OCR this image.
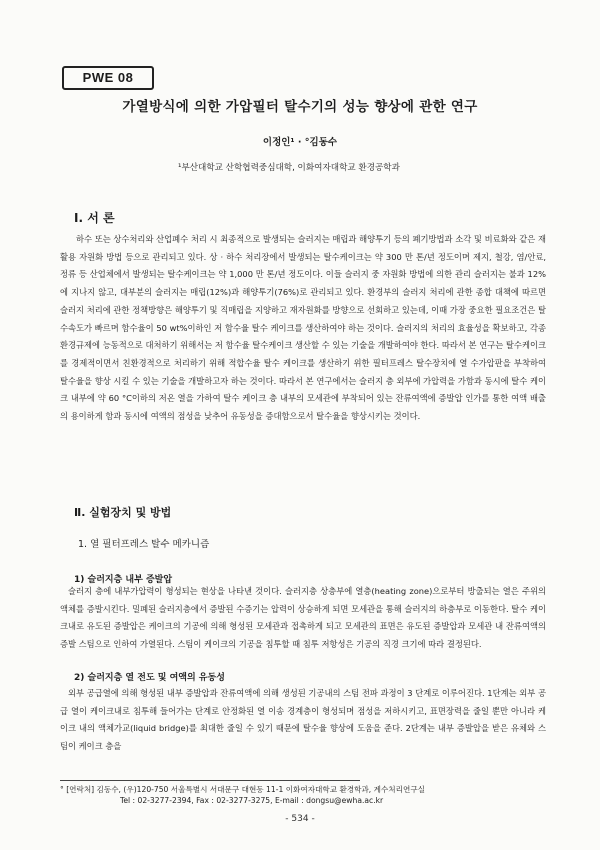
PWE 08
가열방식에 의한 가압필터 탈수기의 성능 향상에 관한 연구
이정인¹ · °김동수
¹부산대학교 산학협력중심대학, 이화여자대학교 환경공학과
Ⅰ. 서 론

하수 또는 상수처리와 산업폐수 처리 시 최종적으로 발생되는 슬러지는 매립과 해양투기 등의 폐기방법과 소각 및 비료화와 같은 재활용 자원화 방법 등으로 관리되고 있다. 상 · 하수 처리장에서 발생되는 탈수케이크는 약 300 만 톤/년 정도이며 제지, 철강, 염/안료, 정류 등 산업체에서 발생되는 탈수케이크는 약 1,000 만 톤/년 정도이다. 이들 슬러지 중 자원화 방법에 의한 관리 슬러지는 불과 12%에 지나지 않고, 대부분의 슬러지는 매립(12%)과 해양투기(76%)로 관리되고 있다. 환경부의 슬러지 처리에 관한 종합 대책에 따르면 슬러지 처리에 관한 정책방향은 해양투기 및 직매립을 지양하고 재자원화를 방향으로 선회하고 있는데, 이때 가장 중요한 필요조건은 탈수속도가 빠르며 함수율이 50 wt%이하인 저 함수율 탈수 케이크를 생산하여야 하는 것이다. 슬러지의 처리의 효율성을 확보하고, 각종 환경규제에 능동적으로 대처하기 위해서는 저 함수율 탈수케이크 생산할 수 있는 기술을 개발하여야 한다. 따라서 본 연구는 탈수케이크를 경제적이면서 친환경적으로 처리하기 위해 적합수율 탈수 케이크를 생산하기 위한 필터프레스 탈수장치에 열 수가압판을 부착하여 탈수율을 향상 시킬 수 있는 기술을 개발하고자 하는 것이다. 따라서 본 연구에서는 슬러지 층 외부에 가압력을 가함과 동시에 탈수 케이크 내부에 약 60 °C이하의 저온 열을 가하여 탈수 케이크 층 내부의 모세관에 부착되어 있는 잔류여액에 증발압 인가를 통한 여액 배출의 용이하게 함과 동시에 여액의 점성을 낮추어 유동성을 증대함으로서 탈수율을 향상시키는 것이다.

Ⅱ. 실험장치 및 방법
1. 열 필터프레스 탈수 메카니즘
1) 슬러지층 내부 증발압

슬러지 층에 내부가압력이 형성되는 현상을 나타낸 것이다. 슬러지층 상층부에 열층(heating zone)으로부터 방출되는 열은 주위의 액체를 증발시킨다. 밀폐된 슬러지층에서 증발된 수증기는 압력이 상승하게 되면 모세관을 통해 슬러지의 하층부로 이동한다. 탈수 케이크내로 유도된 증발압은 케이크의 기공에 의해 형성된 모세관과 접촉하게 되고 모세관의 표면은 유도된 증발압과 모세관 내 잔류여액의 증발 스팀으로 인하여 가열된다. 스팀이 케이크의 기공을 침투할 때 침투 저항성은 기공의 직경 크기에 따라 결정된다.

2) 슬러지층 열 전도 및 여액의 유동성

외부 공급열에 의해 형성된 내부 증발압과 잔류여액에 의해 생성된 기공내의 스팀 전파 과정이 3 단계로 이루어진다. 1단계는 외부 공급 열이 케이크내로 침투해 들어가는 단계로 안정화된 열 이송 경계층이 형성되며 점성을 저하시키고, 표면장력을 줄일 뿐만 아니라 케이크 내의 액체가교(liquid bridge)를 최대한 줄일 수 있기 때문에 탈수율 향상에 도움을 준다. 2단계는 내부 증발압을 받은 유체와 스팀이 케이크 층을

° [연락처] 김동수, (우)120-750 서울특별시 서대문구 대현동 11-1 이화여자대학교 환경학과, 계수처리연구실
Tel : 02-3277-2394, Fax : 02-3277-3275, E-mail : dongsu@ewha.ac.kr
- 534 -
